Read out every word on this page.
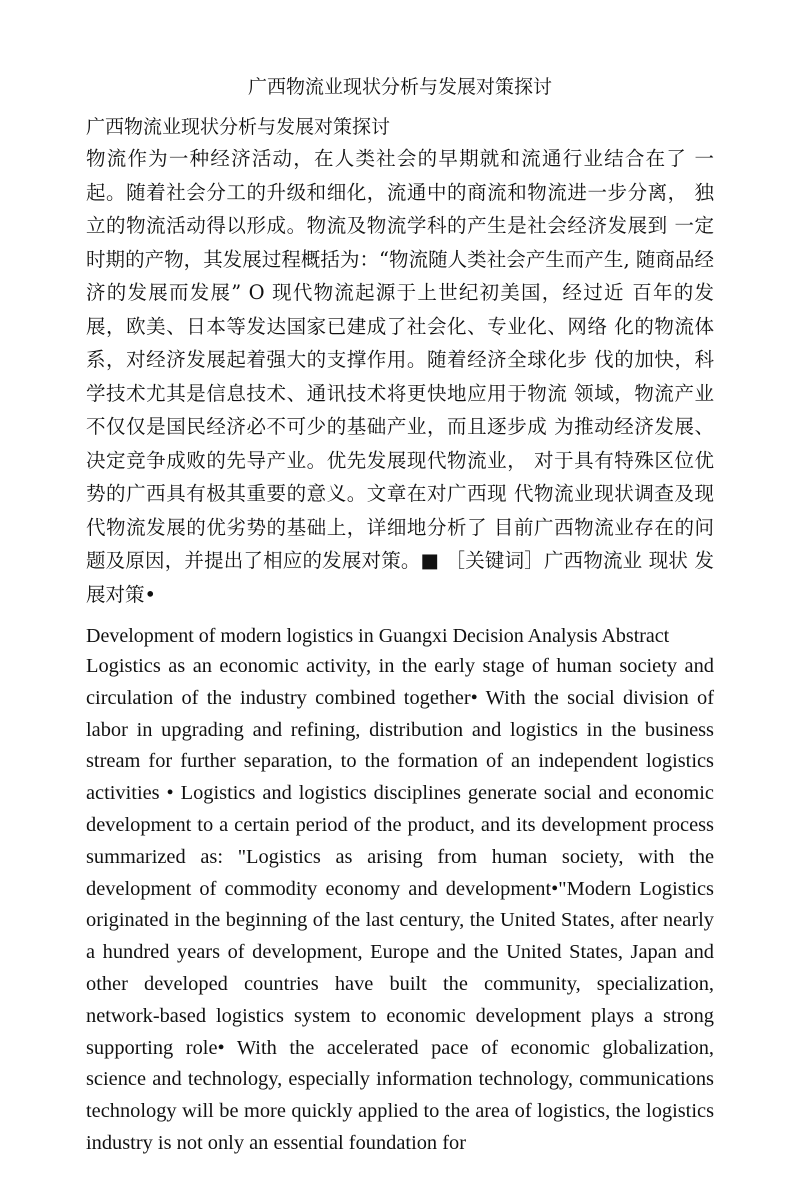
广西物流业现状分析与发展对策探讨

广西物流业现状分析与发展对策探讨

物流作为一种经济活动，在人类社会的早期就和流通行业结合在了 一 起。随着社会分工的升级和细化，流通中的商流和物流进一步分离， 独立的物流活动得以形成。物流及物流学科的产生是社会经济发展到 一定时期的产物，其发展过程概括为：“物流随人类社会产生而产生, 随商品经济的发展而发展” O 现代物流起源于上世纪初美国，经过近 百年的发展，欧美、日本等发达国家已建成了社会化、专业化、网络 化的物流体系，对经济发展起着强大的支撑作用。随着经济全球化步 伐的加快，科学技术尤其是信息技术、通讯技术将更快地应用于物流 领域，物流产业不仅仅是国民经济必不可少的基础产业，而且逐步成 为推动经济发展、决定竞争成败的先导产业。优先发展现代物流业， 对于具有特殊区位优势的广西具有极其重要的意义。文章在对广西现 代物流业现状调查及现代物流发展的优劣势的基础上，详细地分析了 目前广西物流业存在的问题及原因，并提出了相应的发展对策。■ ［关键词］广西物流业 现状 发展对策•

Development of modern logistics in Guangxi Decision Analysis Abstract

Logistics as an economic activity, in the early stage of human society and circulation of the industry combined together• With the social division of labor in upgrading and refining, distribution and logistics in the business stream for further separation, to the formation of an independent logistics activities • Logistics and logistics disciplines generate social and economic development to a certain period of the product, and its development process summarized as: "Logistics as arising from human society, with the development of commodity economy and development•"Modern Logistics originated in the beginning of the last century, the United States, after nearly a hundred years of development, Europe and the United States, Japan and other developed countries have built the community, specialization, network-based logistics system to economic development plays a strong supporting role• With the accelerated pace of economic globalization, science and technology, especially information technology, communications technology will be more quickly applied to the area of logistics, the logistics industry is not only an essential foundation for
